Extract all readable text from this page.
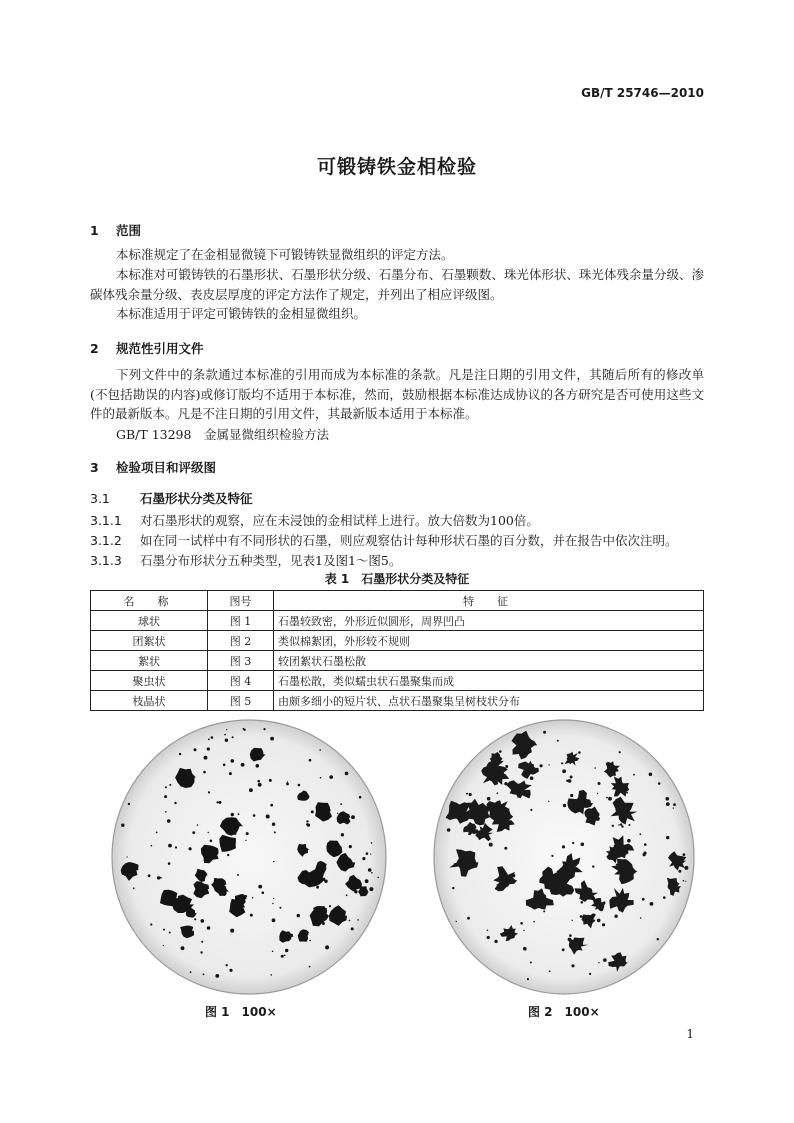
GB/T 25746—2010
可锻铸铁金相检验
1 范围
本标准规定了在金相显微镜下可锻铸铁显微组织的评定方法。
本标准对可锻铸铁的石墨形状、石墨形状分级、石墨分布、石墨颗数、珠光体形状、珠光体残余量分级、渗碳体残余量分级、表皮层厚度的评定方法作了规定，并列出了相应评级图。
本标准适用于评定可锻铸铁的金相显微组织。
2 规范性引用文件
下列文件中的条款通过本标准的引用而成为本标准的条款。凡是注日期的引用文件，其随后所有的修改单(不包括勘误的内容)或修订版均不适用于本标准，然而，鼓励根据本标准达成协议的各方研究是否可使用这些文件的最新版本。凡是不注日期的引用文件，其最新版本适用于本标准。
GB/T 13298　金属显微组织检验方法
3 检验项目和评级图
3.1 石墨形状分类及特征
3.1.1 对石墨形状的观察，应在未浸蚀的金相试样上进行。放大倍数为100倍。
3.1.2 如在同一试样中有不同形状的石墨，则应观察估计每种形状石墨的百分数，并在报告中依次注明。
3.1.3 石墨分布形状分五种类型，见表1及图1～图5。
表 1　石墨形状分类及特征
名　称	图号	特　征
球状	图 1	石墨较致密，外形近似圆形，周界凹凸
团絮状	图 2	类似棉絮团，外形较不规则
絮状	图 3	较团絮状石墨松散
聚虫状	图 4	石墨松散，类似蠕虫状石墨聚集而成
枝晶状	图 5	由颇多细小的短片状、点状石墨聚集呈树枝状分布
图 1　100×	图 2　100×
1
